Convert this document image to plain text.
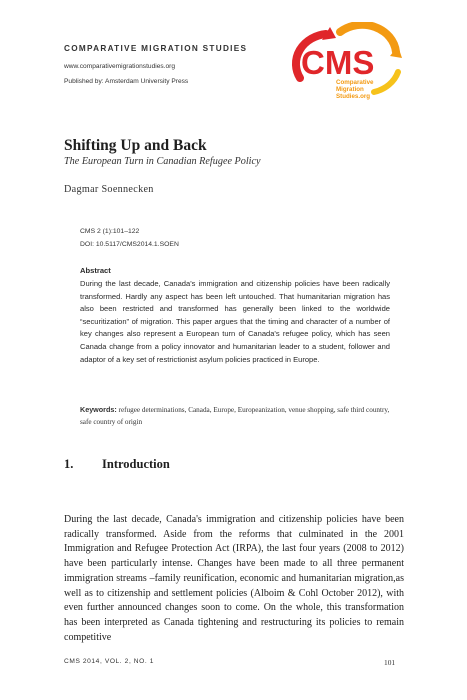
COMPARATIVE MIGRATION STUDIES
www.comparativemigrationstudies.org
Published by: Amsterdam University Press
CMS
Comparative
Migration
Studies.org
Shifting Up and Back
The European Turn in Canadian Refugee Policy
Dagmar Soennecken
CMS 2 (1):101–122
DOI: 10.5117/CMS2014.1.SOEN
Abstract
During the last decade, Canada's immigration and citizenship policies have been radically transformed. Hardly any aspect has been left untouched. That humanitarian migration has also been restricted and transformed has generally been linked to the worldwide “securitization” of migration. This paper argues that the timing and character of a number of key changes also represent a European turn of Canada's refugee policy, which has seen Canada change from a policy innovator and humanitarian leader to a student, follower and adaptor of a key set of restrictionist asylum policies practiced in Europe.
Keywords: refugee determinations, Canada, Europe, Europeanization, venue shopping, safe third country, safe country of origin
1. Introduction
During the last decade, Canada's immigration and citizenship policies have been radically transformed. Aside from the reforms that culminated in the 2001 Immigration and Refugee Protection Act (IRPA), the last four years (2008 to 2012) have been particularly intense. Changes have been made to all three permanent immigration streams –family reunification, economic and humanitarian migration,as well as to citizenship and settlement policies (Alboim & Cohl October 2012), with even further announced changes soon to come. On the whole, this transformation has been interpreted as Canada tightening and restructuring its policies to remain competitive
CMS 2014, VOL. 2, NO. 1	101
